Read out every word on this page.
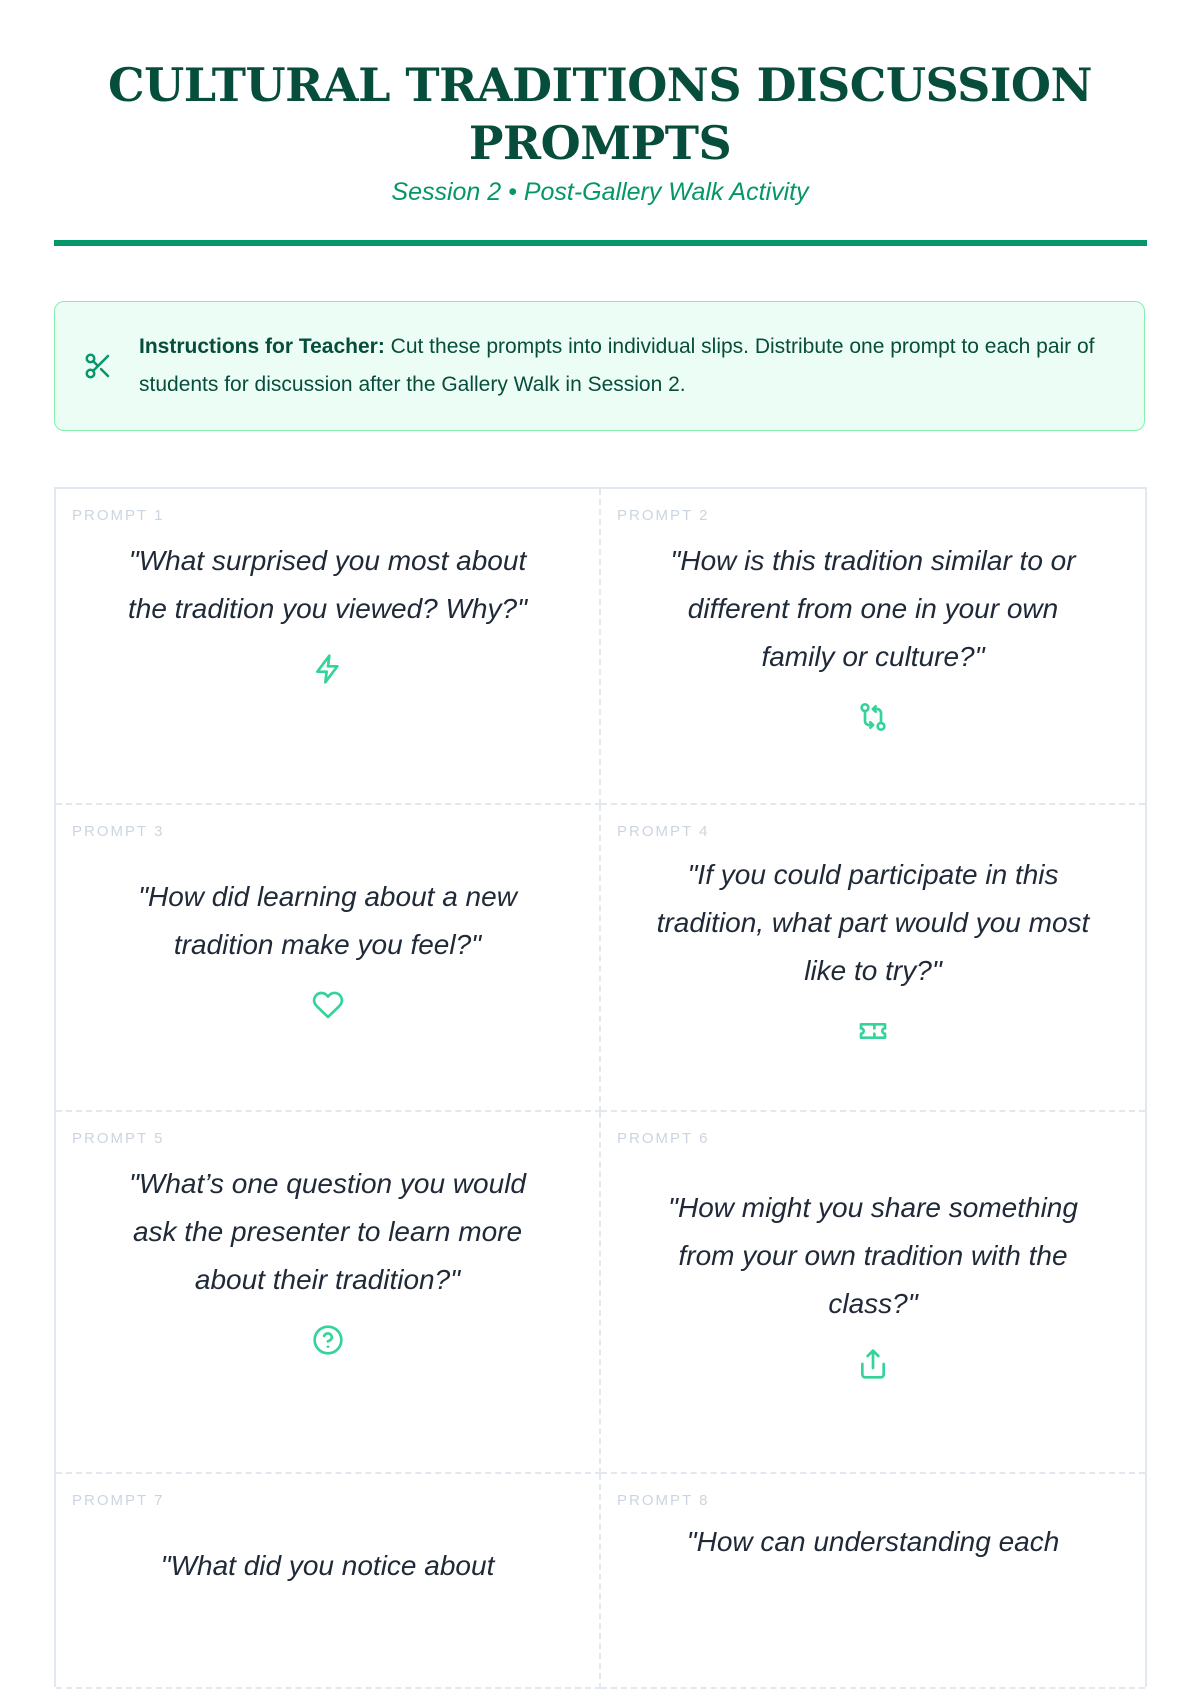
CULTURAL TRADITIONS DISCUSSION PROMPTS
Session 2 • Post-Gallery Walk Activity
Instructions for Teacher: Cut these prompts into individual slips. Distribute one prompt to each pair of students for discussion after the Gallery Walk in Session 2.
PROMPT 1
"What surprised you most about the tradition you viewed? Why?"
PROMPT 2
"How is this tradition similar to or different from one in your own family or culture?"
PROMPT 3
"How did learning about a new tradition make you feel?"
PROMPT 4
"If you could participate in this tradition, what part would you most like to try?"
PROMPT 5
"What’s one question you would ask the presenter to learn more about their tradition?"
PROMPT 6
"How might you share something from your own tradition with the class?"
PROMPT 7
"What did you notice about
PROMPT 8
"How can understanding each
